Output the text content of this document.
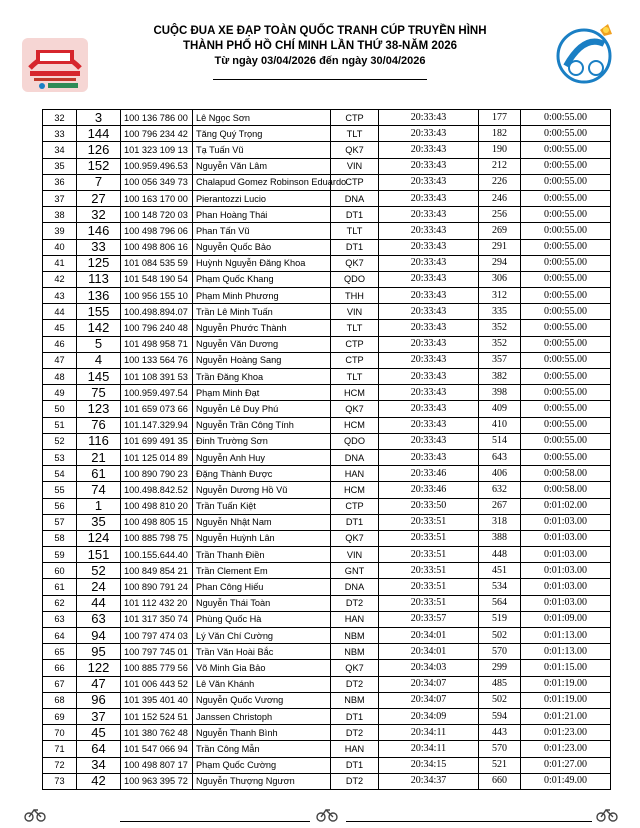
CUỘC ĐUA XE ĐẠP TOÀN QUỐC TRANH CÚP TRUYỀN HÌNH
THÀNH PHỐ HỒ CHÍ MINH LẦN THỨ 38-NĂM 2026
Từ ngày 03/04/2026 đến ngày 30/04/2026
32	3	100 136 786 00	Lê Ngọc Sơn	CTP	20:33:43	177	0:00:55.00
33	144	100 796 234 42	Tăng Quý Trọng	TLT	20:33:43	182	0:00:55.00
34	126	101 323 109 13	Tạ Tuấn Vũ	QK7	20:33:43	190	0:00:55.00
35	152	100.959.496.53	Nguyễn Văn Lâm	VIN	20:33:43	212	0:00:55.00
36	7	100 056 349 73	Chalapud Gomez Robinson Eduardo	CTP	20:33:43	226	0:00:55.00
37	27	100 163 170 00	Pierantozzi Lucio	DNA	20:33:43	246	0:00:55.00
38	32	100 148 720 03	Phan Hoàng Thái	DT1	20:33:43	256	0:00:55.00
39	146	100 498 796 06	Phan Tấn Vũ	TLT	20:33:43	269	0:00:55.00
40	33	100 498 806 16	Nguyễn Quốc Bảo	DT1	20:33:43	291	0:00:55.00
41	125	101 084 535 59	Huỳnh Nguyễn Đăng Khoa	QK7	20:33:43	294	0:00:55.00
42	113	101 548 190 54	Phạm Quốc Khang	QDO	20:33:43	306	0:00:55.00
43	136	100 956 155 10	Phạm Minh Phương	THH	20:33:43	312	0:00:55.00
44	155	100.498.894.07	Trần Lê Minh Tuấn	VIN	20:33:43	335	0:00:55.00
45	142	100 796 240 48	Nguyễn Phước Thành	TLT	20:33:43	352	0:00:55.00
46	5	101 498 958 71	Nguyễn Văn Dương	CTP	20:33:43	352	0:00:55.00
47	4	100 133 564 76	Nguyễn Hoàng Sang	CTP	20:33:43	357	0:00:55.00
48	145	101 108 391 53	Trần Đăng Khoa	TLT	20:33:43	382	0:00:55.00
49	75	100.959.497.54	Phạm Minh Đạt	HCM	20:33:43	398	0:00:55.00
50	123	101 659 073 66	Nguyễn Lê Duy Phú	QK7	20:33:43	409	0:00:55.00
51	76	101.147.329.94	Nguyễn Trần Công Tính	HCM	20:33:43	410	0:00:55.00
52	116	101 699 491 35	Đinh Trường Sơn	QDO	20:33:43	514	0:00:55.00
53	21	101 125 014 89	Nguyễn Anh Huy	DNA	20:33:43	643	0:00:55.00
54	61	100 890 790 23	Đặng Thành Được	HAN	20:33:46	406	0:00:58.00
55	74	100.498.842.52	Nguyễn Dương Hồ Vũ	HCM	20:33:46	632	0:00:58.00
56	1	100 498 810 20	Trần Tuấn Kiệt	CTP	20:33:50	267	0:01:02.00
57	35	100 498 805 15	Nguyễn Nhật Nam	DT1	20:33:51	318	0:01:03.00
58	124	100 885 798 75	Nguyễn Huỳnh Lân	QK7	20:33:51	388	0:01:03.00
59	151	100.155.644.40	Trần Thanh Điền	VIN	20:33:51	448	0:01:03.00
60	52	100 849 854 21	Trần Clement Em	GNT	20:33:51	451	0:01:03.00
61	24	100 890 791 24	Phan Công Hiếu	DNA	20:33:51	534	0:01:03.00
62	44	101 112 432 20	Nguyễn Thái Toàn	DT2	20:33:51	564	0:01:03.00
63	63	101 317 350 74	Phùng Quốc Hà	HAN	20:33:57	519	0:01:09.00
64	94	100 797 474 03	Lý Văn Chí Cường	NBM	20:34:01	502	0:01:13.00
65	95	100 797 745 01	Trần Văn Hoài Bắc	NBM	20:34:01	570	0:01:13.00
66	122	100 885 779 56	Võ Minh Gia Bảo	QK7	20:34:03	299	0:01:15.00
67	47	101 006 443 52	Lê Văn Khánh	DT2	20:34:07	485	0:01:19.00
68	96	101 395 401 40	Nguyễn Quốc Vương	NBM	20:34:07	502	0:01:19.00
69	37	101 152 524 51	Janssen Christoph	DT1	20:34:09	594	0:01:21.00
70	45	101 380 762 48	Nguyễn Thanh Bình	DT2	20:34:11	443	0:01:23.00
71	64	101 547 066 94	Trần Công Mẫn	HAN	20:34:11	570	0:01:23.00
72	34	100 498 807 17	Phạm Quốc Cường	DT1	20:34:15	521	0:01:27.00
73	42	100 963 395 72	Nguyễn Thượng Ngươn	DT2	20:34:37	660	0:01:49.00
